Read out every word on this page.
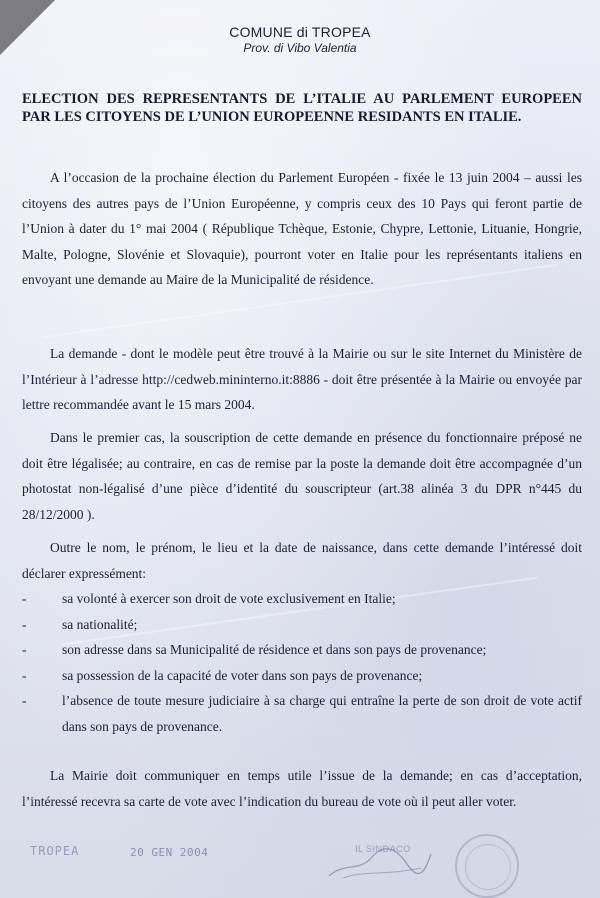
COMUNE di TROPEA
Prov. di Vibo Valentia
ELECTION DES REPRESENTANTS DE L’ITALIE AU PARLEMENT EUROPEEN PAR LES CITOYENS DE L’UNION EUROPEENNE RESIDANTS EN ITALIE.

A l’occasion de la prochaine élection du Parlement Européen - fixée le 13 juin 2004 – aussi les citoyens des autres pays de l’Union Européenne, y compris ceux des 10 Pays qui feront partie de l’Union à dater du 1° mai 2004 ( République Tchèque, Estonie, Chypre, Lettonie, Lituanie, Hongrie, Malte, Pologne, Slovénie et Slovaquie), pourront voter en Italie pour les représentants italiens en envoyant une demande au Maire de la Municipalité de résidence.

La demande - dont le modèle peut être trouvé à la Mairie ou sur le site Internet du Ministère de l’Intérieur à l’adresse http://cedweb.mininterno.it:8886 - doit être présentée à la Mairie ou envoyée par lettre recommandée avant le 15 mars 2004.

Dans le premier cas, la souscription de cette demande en présence du fonctionnaire préposé ne doit être légalisée; au contraire, en cas de remise par la poste la demande doit être accompagnée d’un photostat non-légalisé d’une pièce d’identité du souscripteur (art.38 alinéa 3 du DPR n°445 du 28/12/2000 ).

Outre le nom, le prénom, le lieu et la date de naissance, dans cette demande l’intéressé doit déclarer expressément:

-	sa volonté à exercer son droit de vote exclusivement en Italie;
-	sa nationalité;
-	son adresse dans sa Municipalité de résidence et dans son pays de provenance;
-	sa possession de la capacité de voter dans son pays de provenance;
-	l’absence de toute mesure judiciaire à sa charge qui entraîne la perte de son droit de vote actif dans son pays de provenance.

La Mairie doit communiquer en temps utile l’issue de la demande; en cas d’acceptation, l’intéressé recevra sa carte de vote avec l’indication du bureau de vote où il peut aller voter.

TROPEA	20 GEN 2004	IL SINDACO
